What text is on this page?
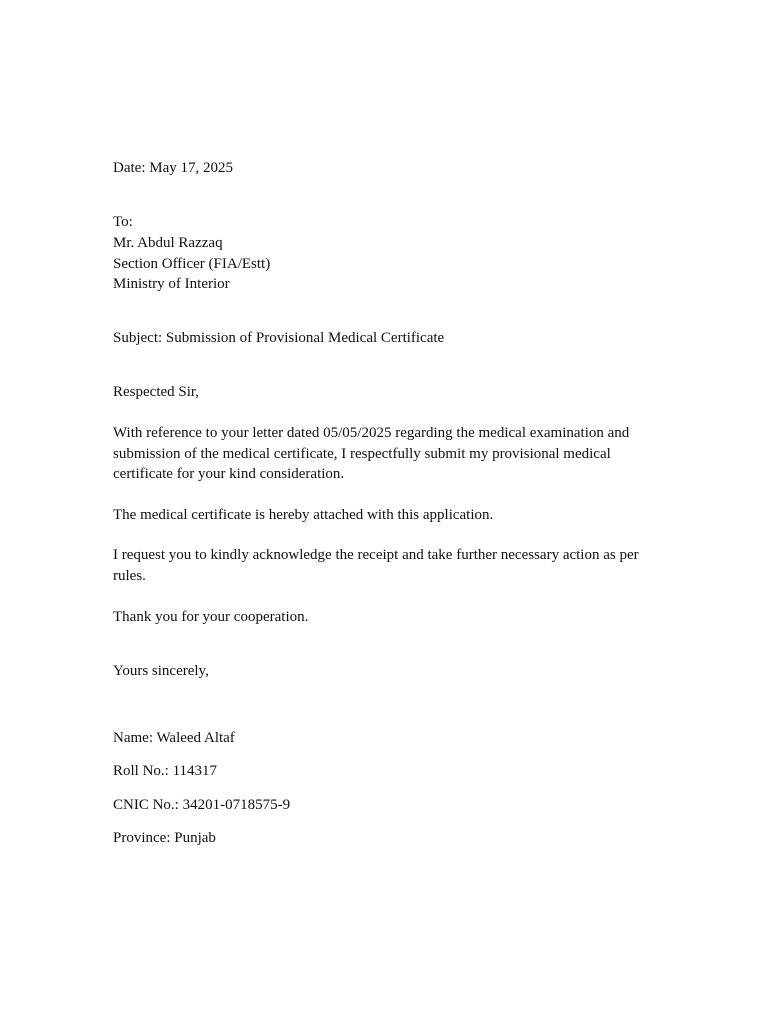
Date: May 17, 2025
To:
Mr. Abdul Razzaq
Section Officer (FIA/Estt)
Ministry of Interior
Subject: Submission of Provisional Medical Certificate
Respected Sir,
With reference to your letter dated 05/05/2025 regarding the medical examination and submission of the medical certificate, I respectfully submit my provisional medical certificate for your kind consideration.
The medical certificate is hereby attached with this application.
I request you to kindly acknowledge the receipt and take further necessary action as per rules.
Thank you for your cooperation.
Yours sincerely,
Name: Waleed Altaf
Roll No.: 114317
CNIC No.: 34201-0718575-9
Province: Punjab
